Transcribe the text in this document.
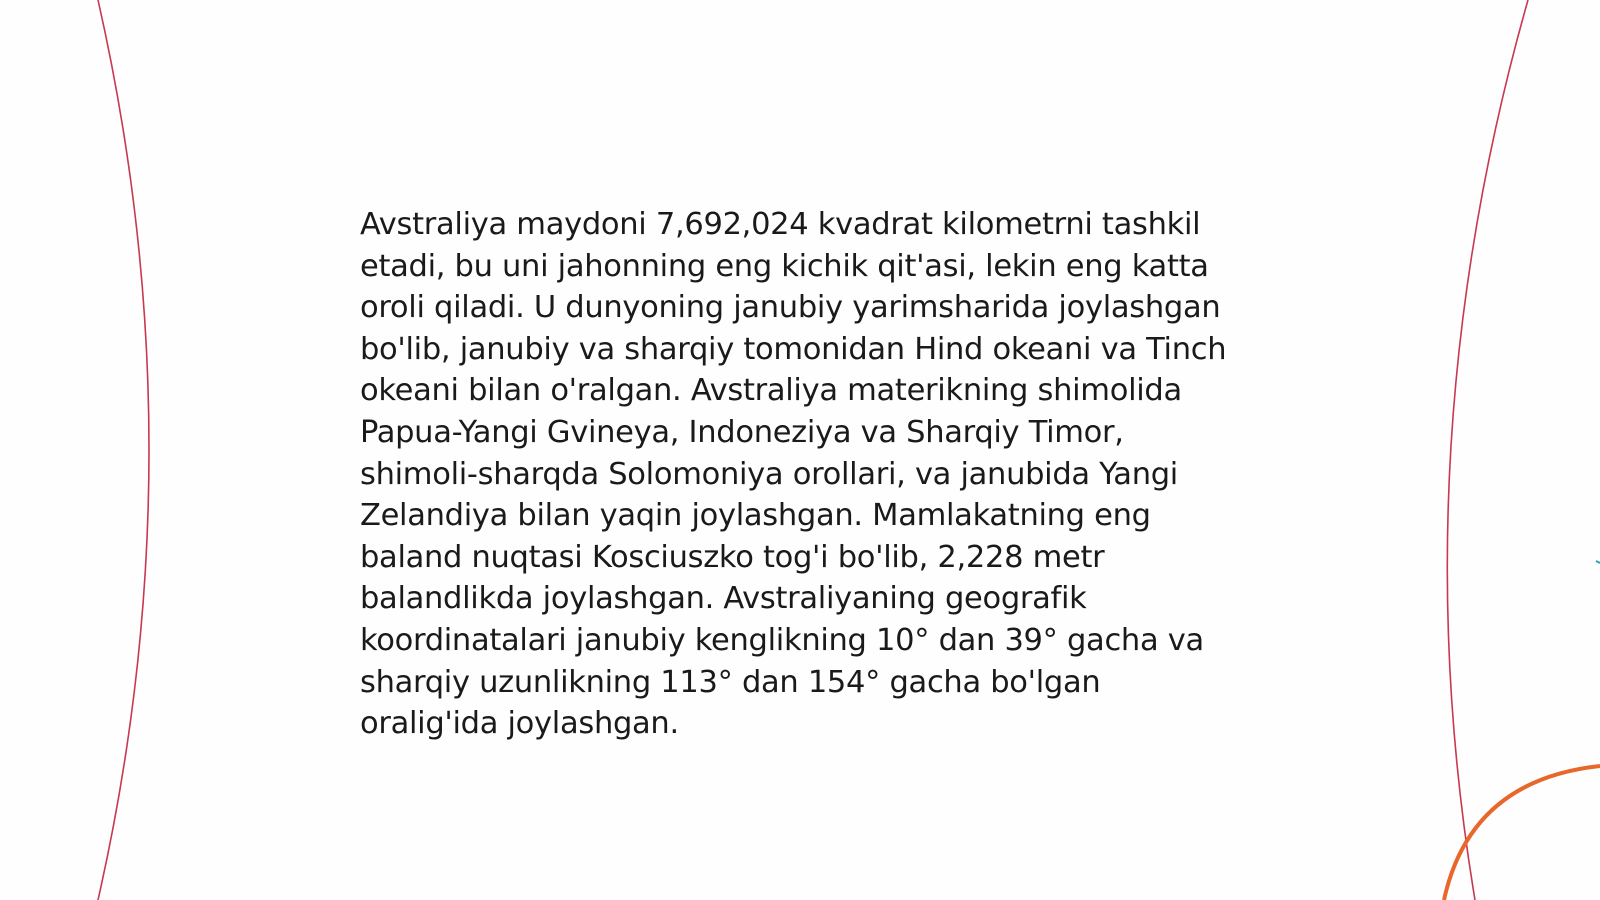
Avstraliya maydoni 7,692,024 kvadrat kilometrni tashkil etadi, bu uni jahonning eng kichik qit'asi, lekin eng katta oroli qiladi. U dunyoning janubiy yarimsharida joylashgan bo'lib, janubiy va sharqiy tomonidan Hind okeani va Tinch okeani bilan o'ralgan. Avstraliya materikning shimolida Papua-Yangi Gvineya, Indoneziya va Sharqiy Timor, shimoli-sharqda Solomoniya orollari, va janubida Yangi Zelandiya bilan yaqin joylashgan. Mamlakatning eng baland nuqtasi Kosciuszko tog'i bo'lib, 2,228 metr balandlikda joylashgan. Avstraliyaning geografik koordinatalari janubiy kenglikning 10° dan 39° gacha va sharqiy uzunlikning 113° dan 154° gacha bo'lgan oralig'ida joylashgan.
